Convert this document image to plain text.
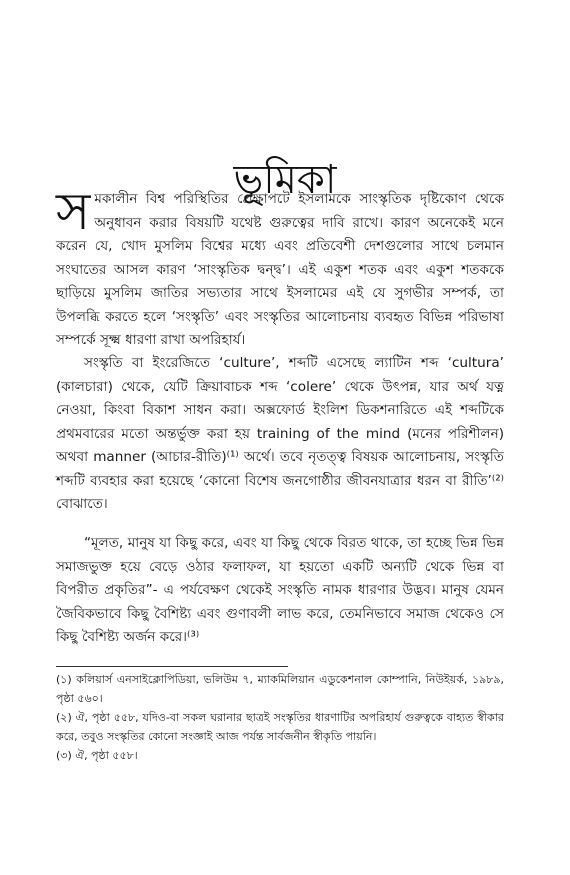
ভূমিকা

স মকালীন বিশ্ব পরিস্থিতির প্রেক্ষাপটে ইসলামকে সাংস্কৃতিক দৃষ্টিকোণ থেকে অনুধাবন করার বিষয়টি যথেষ্ট গুরুত্বের দাবি রাখে। কারণ অনেকেই মনে করেন যে, খোদ মুসলিম বিশ্বের মধ্যে এবং প্রতিবেশী দেশগুলোর সাথে চলমান সংঘাতের আসল কারণ ‘সাংস্কৃতিক দ্বন্দ্ব’। এই একুশ শতক এবং একুশ শতককে ছাড়িয়ে মুসলিম জাতির সভ্যতার সাথে ইসলামের এই যে সুগভীর সম্পর্ক, তা উপলব্ধি করতে হলে ‘সংস্কৃতি’ এবং সংস্কৃতির আলোচনায় ব্যবহৃত বিভিন্ন পরিভাষা সম্পর্কে সূক্ষ্ম ধারণা রাখা অপরিহার্য।

সংস্কৃতি বা ইংরেজিতে ‘culture’, শব্দটি এসেছে ল্যাটিন শব্দ ‘cultura’ (কালচারা) থেকে, যেটি ক্রিয়াবাচক শব্দ ‘colere’ থেকে উৎপন্ন, যার অর্থ যত্ন নেওয়া, কিংবা বিকাশ সাধন করা। অক্সফোর্ড ইংলিশ ডিকশনারিতে এই শব্দটিকে প্রথমবারের মতো অন্তর্ভুক্ত করা হয় training of the mind (মনের পরিশীলন) অথবা manner (আচার-রীতি)⁽¹⁾ অর্থে। তবে নৃতত্ত্ব বিষয়ক আলোচনায়, সংস্কৃতি শব্দটি ব্যবহার করা হয়েছে ‘কোনো বিশেষ জনগোষ্ঠীর জীবনযাত্রার ধরন বা রীতি’⁽²⁾ বোঝাতে।

“মূলত, মানুষ যা কিছু করে, এবং যা কিছু থেকে বিরত থাকে, তা হচ্ছে ভিন্ন ভিন্ন সমাজভুক্ত হয়ে বেড়ে ওঠার ফলাফল, যা হয়তো একটি অন্যটি থেকে ভিন্ন বা বিপরীত প্রকৃতির”- এ পর্যবেক্ষণ থেকেই সংস্কৃতি নামক ধারণার উদ্ভব। মানুষ যেমন জৈবিকভাবে কিছু বৈশিষ্ট্য এবং গুণাবলী লাভ করে, তেমনিভাবে সমাজ থেকেও সে কিছু বৈশিষ্ট্য অর্জন করে।⁽³⁾

(১) কলিয়ার্স এনসাইক্লোপিডিয়া, ভলিউম ৭, ম্যাকমিলিয়ান এডুকেশনাল কোম্পানি, নিউইয়র্ক, ১৯৮৯, পৃষ্ঠা ৫৬০।

(২) ঐ, পৃষ্ঠা ৫৫৮, যদিও-বা সকল ঘরানার ছাত্রই সংস্কৃতির ধারণাটির অপরিহার্য গুরুত্বকে বাহ্যত স্বীকার করে, তবুও সংস্কৃতির কোনো সংজ্ঞাই আজ পর্যন্ত সার্বজনীন স্বীকৃতি পায়নি।

(৩) ঐ, পৃষ্ঠা ৫৫৮।
